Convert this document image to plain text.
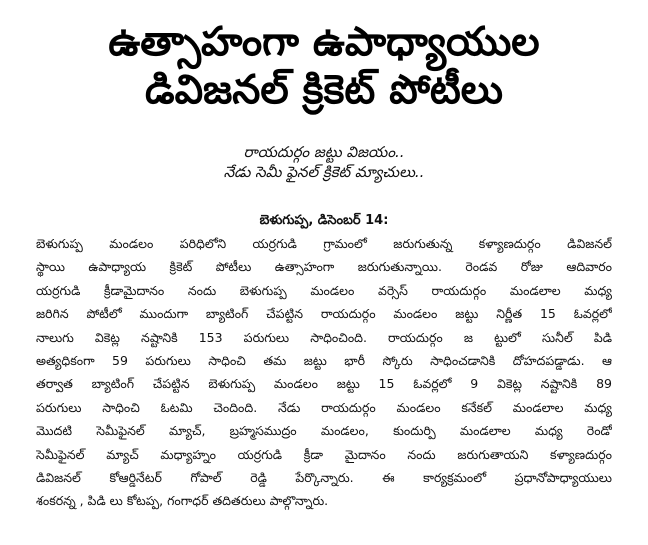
ఉత్సాహంగా ఉపాధ్యాయుల
డివిజనల్ క్రికెట్ పోటీలు
రాయదుర్గం జట్టు విజయం..
నేడు సెమీ ఫైనల్ క్రికెట్ మ్యాచులు..
బెళుగుప్ప, డిసెంబర్ 14:
బెళుగుప్ప మండలం పరిధిలోని యర్రగుడి గ్రామంలో జరుగుతున్న కళ్యాణదుర్గం డివిజనల్
స్థాయి ఉపాధ్యాయ క్రికెట్ పోటీలు ఉత్సాహంగా జరుగుతున్నాయి. రెండవ రోజు ఆదివారం
యర్రగుడి క్రీడామైదానం నందు బెళుగుప్ప మండలం వర్సెస్ రాయదుర్గం మండలాల మధ్య
జరిగిన పోటీలో ముందుగా బ్యాటింగ్ చేపట్టిన రాయదుర్గం మండలం జట్టు నిర్ణీత 15 ఓవర్లలో
నాలుగు వికెట్ల నష్టానికి 153 పరుగులు సాధించింది. రాయదుర్గం జ ట్టులో సునీల్ పిడి
అత్యధికంగా 59 పరుగులు సాధించి తమ జట్టు భారీ స్కోరు సాధించడానికి దోహదపడ్డాడు. ఆ
తర్వాత బ్యాటింగ్ చేపట్టిన బెళుగుప్ప మండలం జట్టు 15 ఓవర్లలో 9 వికెట్ల నష్టానికి 89
పరుగులు సాధించి ఓటమి చెందింది. నేడు రాయదుర్గం మండలం కనేకల్ మండలాల మధ్య
మొదటి సెమీఫైనల్ మ్యాచ్, బ్రహ్మసముద్రం మండలం, కుందుర్పి మండలాల మధ్య రెండో
సెమీఫైనల్ మ్యాచ్ మధ్యాహ్నం యర్రగుడి క్రీడా మైదానం నందు జరుగుతాయని కళ్యాణదుర్గం
డివిజనల్ కోఆర్డినేటర్ గోపాల్ రెడ్డి పేర్కొన్నారు. ఈ కార్యక్రమంలో ప్రధానోపాధ్యాయులు
శంకరన్న , పిడి లు కోటప్ప, గంగాధర్ తదితరులు పాల్గొన్నారు.
